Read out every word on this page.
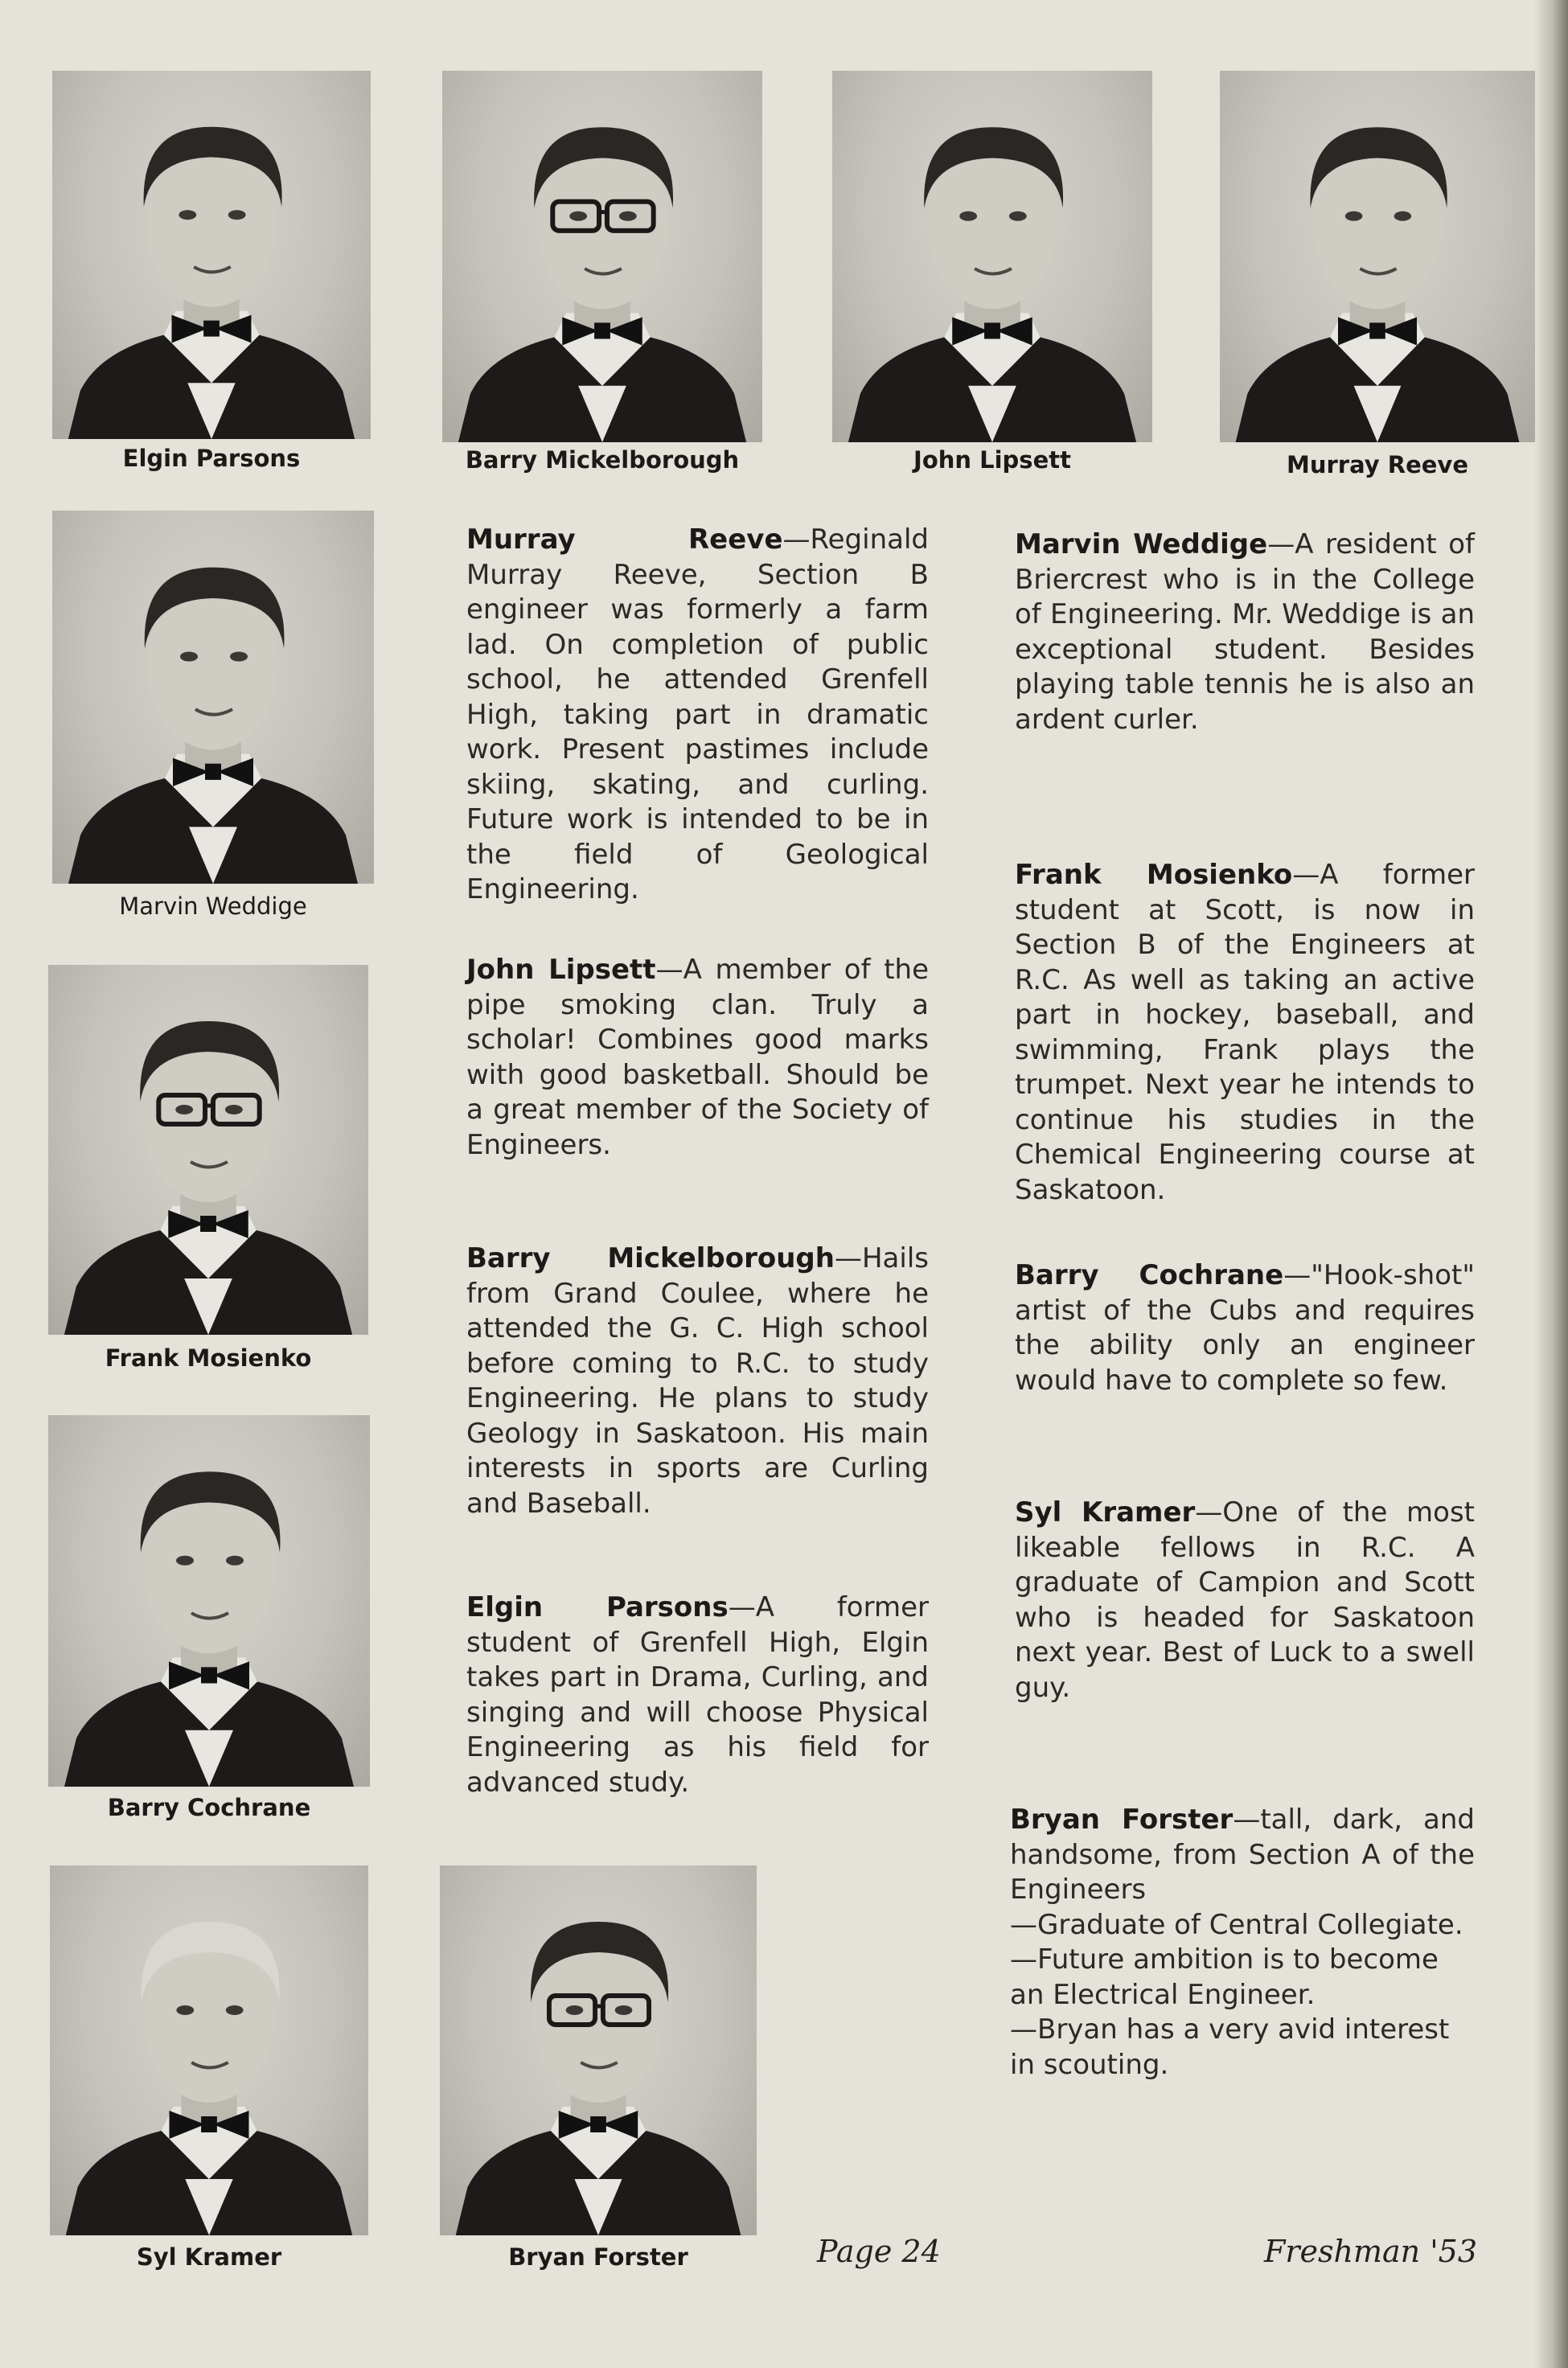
Elgin Parsons	Barry Mickelborough	John Lipsett	Murray Reeve
Marvin Weddige
Frank Mosienko
Barry Cochrane
Syl Kramer	Bryan Forster
Murray Reeve—Reginald Murray Reeve, Section B engineer was formerly a farm lad. On completion of public school, he attended Grenfell High, taking part in dramatic work. Present pastimes include skiing, skating, and curling. Future work is intended to be in the field of Geological Engineering.
John Lipsett—A member of the pipe smoking clan. Truly a scholar! Combines good marks with good basketball. Should be a great member of the Society of Engineers.
Barry Mickelborough—Hails from Grand Coulee, where he attended the G. C. High school before coming to R.C. to study Engineering. He plans to study Geology in Saskatoon. His main interests in sports are Curling and Baseball.
Elgin Parsons—A former student of Grenfell High, Elgin takes part in Drama, Curling, and singing and will choose Physical Engineering as his field for advanced study.
Marvin Weddige—A resident of Briercrest who is in the College of Engineering. Mr. Weddige is an exceptional student. Besides playing table tennis he is also an ardent curler.
Frank Mosienko—A former student at Scott, is now in Section B of the Engineers at R.C. As well as taking an active part in hockey, baseball, and swimming, Frank plays the trumpet. Next year he intends to continue his studies in the Chemical Engineering course at Saskatoon.
Barry Cochrane—"Hook-shot" artist of the Cubs and requires the ability only an engineer would have to complete so few.
Syl Kramer—One of the most likeable fellows in R.C. A graduate of Campion and Scott who is headed for Saskatoon next year. Best of Luck to a swell guy.
Bryan Forster—tall, dark, and handsome, from Section A of the Engineers
—Graduate of Central Collegiate.
—Future ambition is to become an Electrical Engineer.
—Bryan has a very avid interest in scouting.
Page 24	Freshman '53
